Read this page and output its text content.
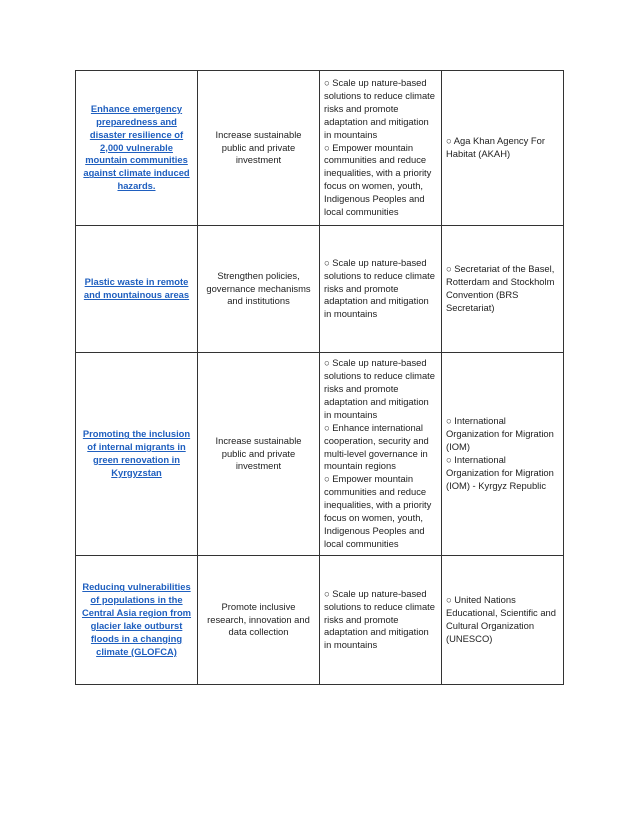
Enhance emergency preparedness and disaster resilience of 2,000 vulnerable mountain communities against climate induced hazards.	Increase sustainable public and private investment	○ Scale up nature-based solutions to reduce climate risks and promote adaptation and mitigation in mountains
○ Empower mountain communities and reduce inequalities, with a priority focus on women, youth, Indigenous Peoples and local communities	○ Aga Khan Agency For Habitat (AKAH)

Plastic waste in remote and mountainous areas	Strengthen policies, governance mechanisms and institutions	○ Scale up nature-based solutions to reduce climate risks and promote adaptation and mitigation in mountains	○ Secretariat of the Basel, Rotterdam and Stockholm Convention (BRS Secretariat)

Promoting the inclusion of internal migrants in green renovation in Kyrgyzstan	Increase sustainable public and private investment	○ Scale up nature-based solutions to reduce climate risks and promote adaptation and mitigation in mountains
○ Enhance international cooperation, security and multi-level governance in mountain regions
○ Empower mountain communities and reduce inequalities, with a priority focus on women, youth, Indigenous Peoples and local communities	○ International Organization for Migration (IOM)
○ International Organization for Migration (IOM) - Kyrgyz Republic

Reducing vulnerabilities of populations in the Central Asia region from glacier lake outburst floods in a changing climate (GLOFCA)	Promote inclusive research, innovation and data collection	○ Scale up nature-based solutions to reduce climate risks and promote adaptation and mitigation in mountains	○ United Nations Educational, Scientific and Cultural Organization (UNESCO)
